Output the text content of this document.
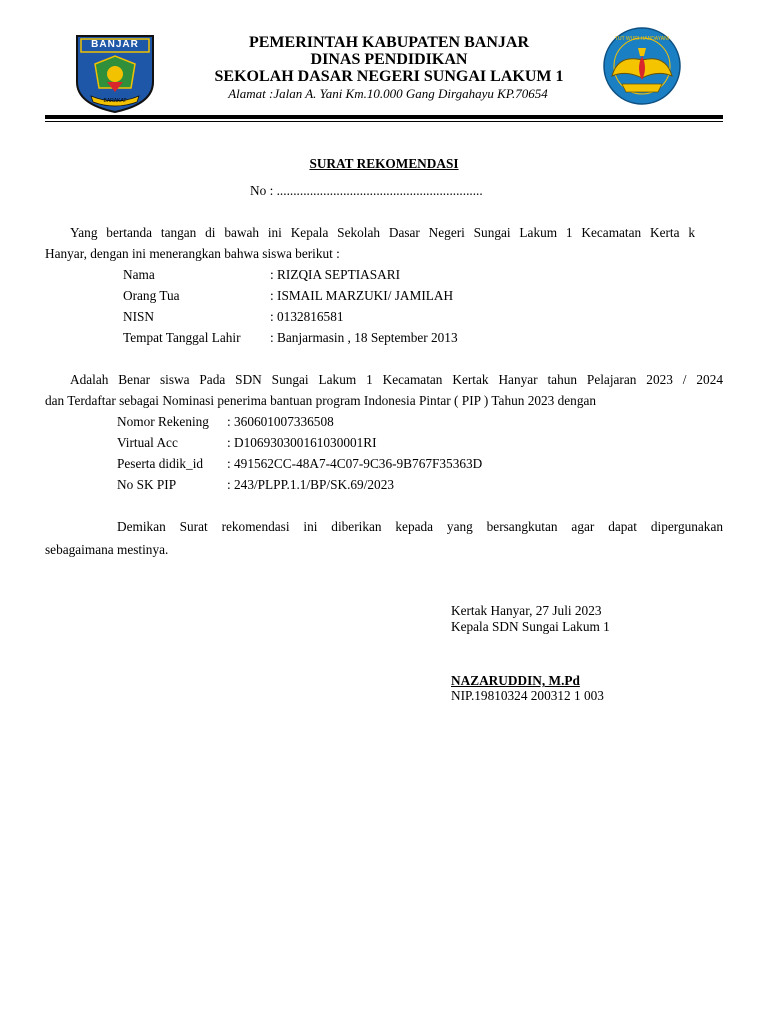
BANJAR
BARAKAT
TUT WURI HANDAYANI
PEMERINTAH KABUPATEN BANJAR
DINAS PENDIDIKAN
SEKOLAH DASAR NEGERI SUNGAI LAKUM 1
Alamat :Jalan A. Yani Km.10.000 Gang Dirgahayu KP.70654
SURAT REKOMENDASI
No : ..............................................................
Yang bertanda tangan di bawah ini Kepala Sekolah Dasar Negeri Sungai Lakum 1 Kecamatan Kerta k
Hanyar, dengan ini menerangkan bahwa siswa berikut :
Nama	: RIZQIA SEPTIASARI
Orang Tua	: ISMAIL MARZUKI/ JAMILAH
NISN	: 0132816581
Tempat Tanggal Lahir : Banjarmasin , 18 September 2013
Adalah Benar siswa Pada SDN Sungai Lakum 1 Kecamatan Kertak Hanyar tahun Pelajaran 2023 / 2024
dan Terdaftar sebagai Nominasi penerima bantuan program Indonesia Pintar ( PIP ) Tahun 2023 dengan
Nomor Rekening : 360601007336508
Virtual Acc	: D106930300161030001RI
Peserta didik_id : 491562CC-48A7-4C07-9C36-9B767F35363D
No SK PIP	: 243/PLPP.1.1/BP/SK.69/2023
Demikan Surat rekomendasi ini diberikan kepada yang bersangkutan agar dapat dipergunakan
sebagaimana mestinya.
Kertak Hanyar, 27 Juli 2023
Kepala SDN Sungai Lakum 1
NAZARUDDIN, M.Pd
NIP.19810324 200312 1 003
